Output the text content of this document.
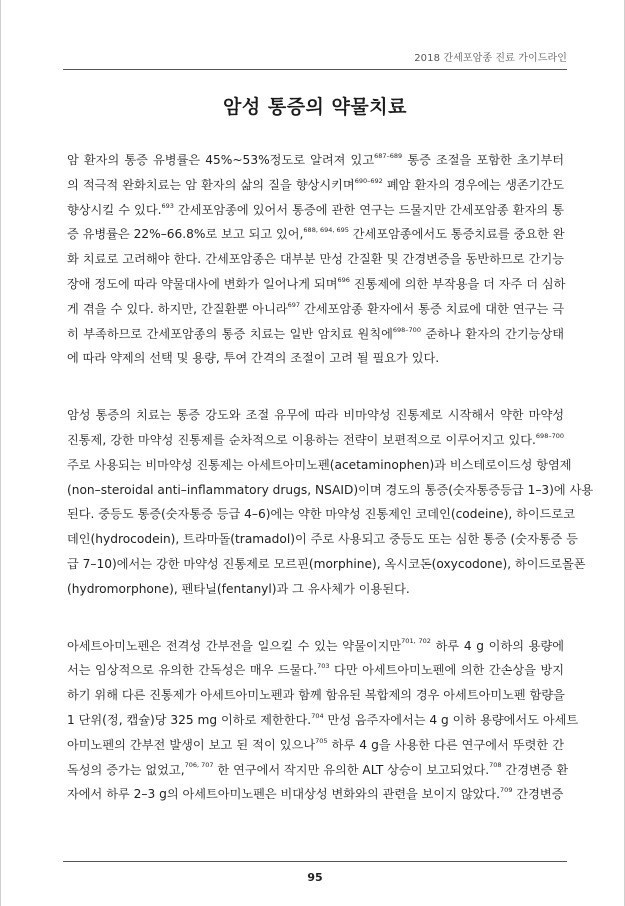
2018 간세포암종 진료 가이드라인
암성 통증의 약물치료
암 환자의 통증 유병률은 45%~53%정도로 알려져 있고$^{687-689}$ 통증 조절을 포함한 초기부터
의 적극적 완화치료는 암 환자의 삶의 질을 향상시키며$^{690-692}$ 폐암 환자의 경우에는 생존기간도
향상시킬 수 있다.$^{693}$ 간세포암종에 있어서 통증에 관한 연구는 드물지만 간세포암종 환자의 통
증 유병률은 22%–66.8%로 보고 되고 있어,$^{688, 694, 695}$ 간세포암종에서도 통증치료를 중요한 완
화 치료로 고려해야 한다. 간세포암종은 대부분 만성 간질환 및 간경변증을 동반하므로 간기능
장애 정도에 따라 약물대사에 변화가 일어나게 되며$^{696}$ 진통제에 의한 부작용을 더 자주 더 심하
게 겪을 수 있다. 하지만, 간질환뿐 아니라$^{697}$ 간세포암종 환자에서 통증 치료에 대한 연구는 극
히 부족하므로 간세포암종의 통증 치료는 일반 암치료 원칙에$^{698-700}$ 준하나 환자의 간기능상태
에 따라 약제의 선택 및 용량, 투여 간격의 조절이 고려 될 필요가 있다.
암성 통증의 치료는 통증 강도와 조절 유무에 따라 비마약성 진통제로 시작해서 약한 마약성
진통제, 강한 마약성 진통제를 순차적으로 이용하는 전략이 보편적으로 이루어지고 있다.$^{698-700}$
주로 사용되는 비마약성 진통제는 아세트아미노펜(acetaminophen)과 비스테로이드성 항염제
(non–steroidal anti–inflammatory drugs, NSAID)이며 경도의 통증(숫자통증등급 1–3)에 사용
된다. 중등도 통증(숫자통증 등급 4–6)에는 약한 마약성 진통제인 코데인(codeine), 하이드로코
데인(hydrocodein), 트라마돌(tramadol)이 주로 사용되고 중등도 또는 심한 통증 (숫자통증 등
급 7–10)에서는 강한 마약성 진통제로 모르핀(morphine), 옥시코돈(oxycodone), 하이드로몰폰
(hydromorphone), 펜타닐(fentanyl)과 그 유사체가 이용된다.
아세트아미노펜은 전격성 간부전을 일으킬 수 있는 약물이지만$^{701, 702}$ 하루 4 g 이하의 용량에
서는 임상적으로 유의한 간독성은 매우 드물다.$^{703}$ 다만 아세트아미노펜에 의한 간손상을 방지
하기 위해 다른 진통제가 아세트아미노펜과 함께 함유된 복합제의 경우 아세트아미노펜 함량을
1 단위(정, 캡슐)당 325 mg 이하로 제한한다.$^{704}$ 만성 음주자에서는 4 g 이하 용량에서도 아세트
아미노펜의 간부전 발생이 보고 된 적이 있으나$^{705}$ 하루 4 g을 사용한 다른 연구에서 뚜렷한 간
독성의 증가는 없었고,$^{706, 707}$ 한 연구에서 작지만 유의한 ALT 상승이 보고되었다.$^{708}$ 간경변증 환
자에서 하루 2–3 g의 아세트아미노펜은 비대상성 변화와의 관련을 보이지 않았다.$^{709}$ 간경변증
95
